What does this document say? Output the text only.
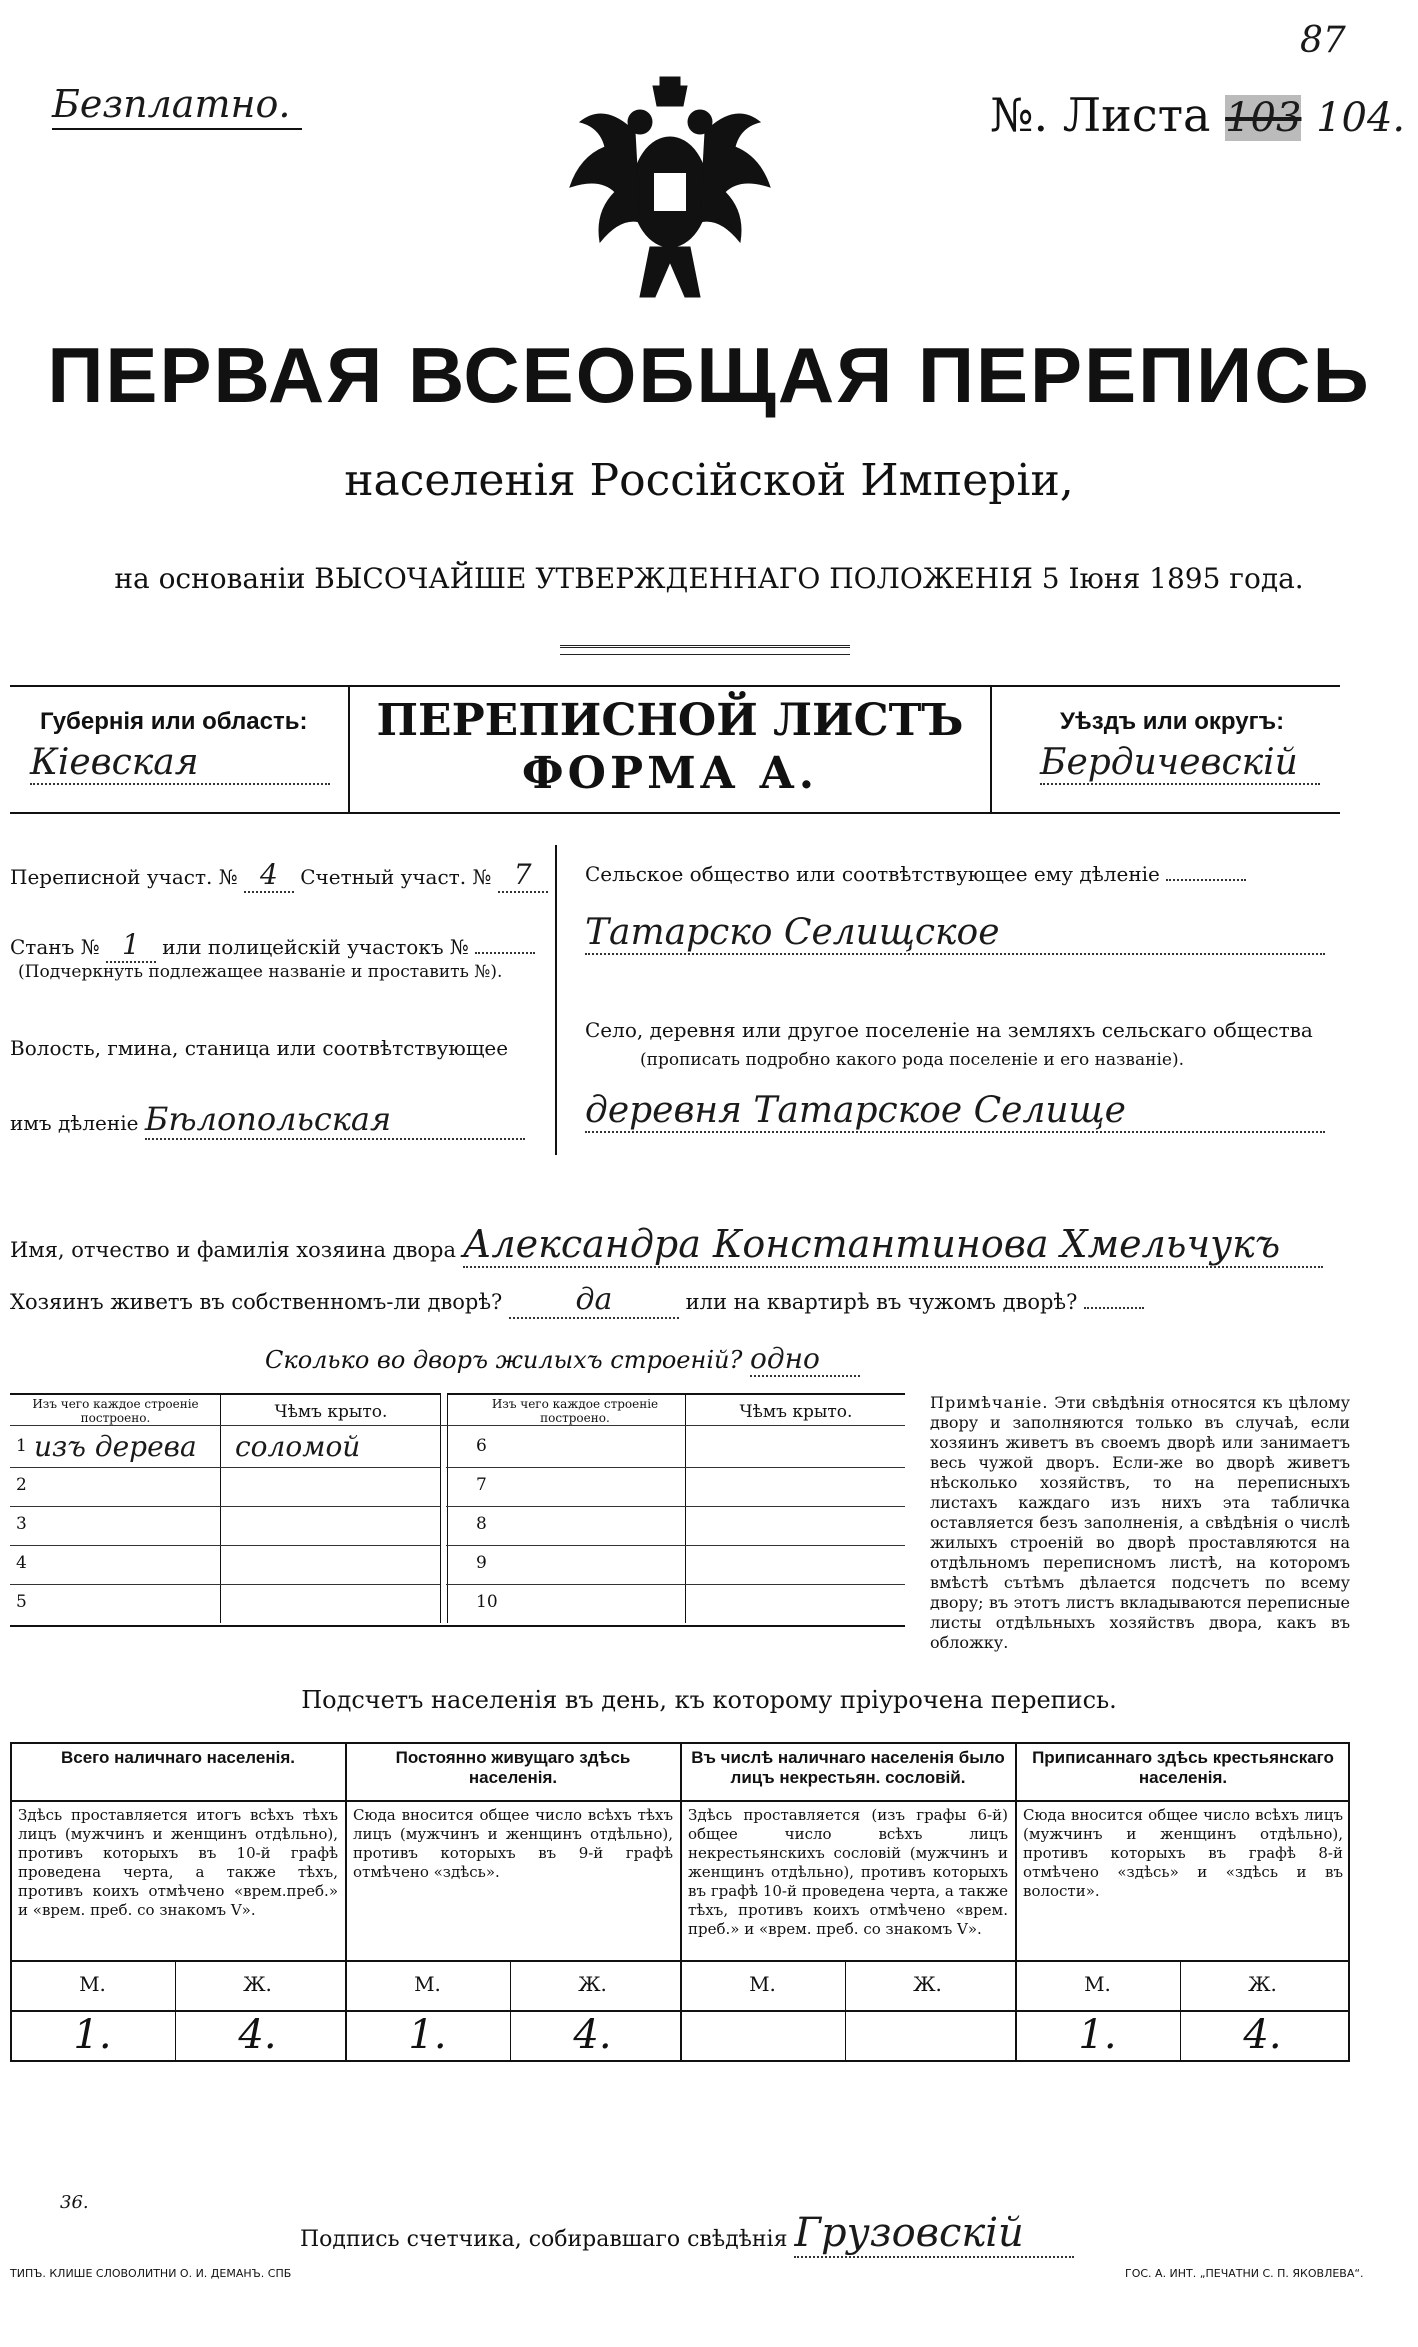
Безплатно.	№. Листа 103 104.
87
ПЕРВАЯ ВСЕОБЩАЯ ПЕРЕПИСЬ
населенія Россійской Имперіи,
на основаніи ВЫСОЧАЙШЕ УТВЕРЖДЕННАГО ПОЛОЖЕНІЯ 5 Іюня 1895 года.
Губернія или область:
Кіевская
ПЕРЕПИСНОЙ ЛИСТЪ
ФОРМА А.
Уѣздъ или округъ:
Бердичевскій
Переписной участ. № 4 Счетный участ. № 7
Станъ № 1 или полицейскій участокъ №
(Подчеркнуть подлежащее названіе и проставить №).
Волость, гмина, станица или соотвѣтствующее
имъ дѣленіе Бѣлопольская
Сельское общество или соотвѣтствующее ему дѣленіе
Татарско Селищское
Село, деревня или другое поселеніе на земляхъ сельскаго общества
(прописать подробно какого рода поселеніе и его названіе).
деревня Татарское Селище
Имя, отчество и фамилія хозяина двора Александра Константинова Хмельчукъ
Хозяинъ живетъ въ собственномъ-ли дворѣ? да	или на квартирѣ въ чужомъ дворѣ?
Сколько во дворъ жилыхъ строеній? одно
Изъ чего каждое строеніе построено.	Чѣмъ крыто.	Изъ чего каждое строеніе построено.	Чѣмъ крыто.	Примѣчаніе. Эти свѣдѣнія относятся къ цѣлому двору и заполняются только въ случаѣ, если хозяинъ живетъ въ своемъ дворѣ или занимаетъ весь чужой дворъ. Если-же во дворѣ живетъ нѣсколько хозяйствъ, то на переписныхъ листахъ каждаго изъ нихъ эта табличка оставляется безъ заполненія, а свѣдѣнія о числѣ жилыхъ строеній во дворѣ проставляются на отдѣльномъ переписномъ листѣ, на которомъ вмѣстѣ сътѣмъ дѣлается подсчетъ по всему двору; въ этотъ листъ вкладываются переписные листы отдѣльныхъ хозяйствъ двора, какъ въ обложку.
Подсчетъ населенія въ день, къ которому пріурочена перепись.
36.
Подпись счетчика, собиравшаго свѣдѣнія Грузовскій
ТИПЪ. КЛИШЕ СЛОВОЛИТНИ О. И. ДЕМАНЪ. СПБ	ГОС. А. ИНТ. „ПЕЧАТНИ С. П. ЯКОВЛЕВА“.
1 изъ дерева соломой
2
3
4
5
6
7
8
9
10
Всего наличнаго населенія.
Здѣсь проставляется итогъ всѣхъ тѣхъ лицъ (мужчинъ и женщинъ отдѣльно), противъ которыхъ въ 10-й графѣ проведена черта, а также тѣхъ, противъ коихъ отмѣчено «врем.преб.» и «врем. преб. со знакомъ V».
М.	Ж.
1.	4.
Постоянно живущаго здѣсь населенія.
Сюда вносится общее число всѣхъ тѣхъ лицъ (мужчинъ и женщинъ отдѣльно), противъ которыхъ въ 9-й графѣ отмѣчено «здѣсь».
М.	Ж.
1.	4.
Въ числѣ наличнаго населенія было лицъ некрестьян. сословій.
Здѣсь проставляется (изъ графы 6-й) общее число всѣхъ лицъ некрестьянскихъ сословій (мужчинъ и женщинъ отдѣльно), противъ которыхъ въ графѣ 10-й проведена черта, а также тѣхъ, противъ коихъ отмѣчено «врем. преб.» и «врем. преб. со знакомъ V».
М.	Ж.
Приписаннаго здѣсь крестьянскаго населенія.
Сюда вносится общее число всѣхъ лицъ (мужчинъ и женщинъ отдѣльно), противъ которыхъ въ графѣ 8-й отмѣчено «здѣсь» и «здѣсь и въ волости».
М.	Ж.
1.	4.
